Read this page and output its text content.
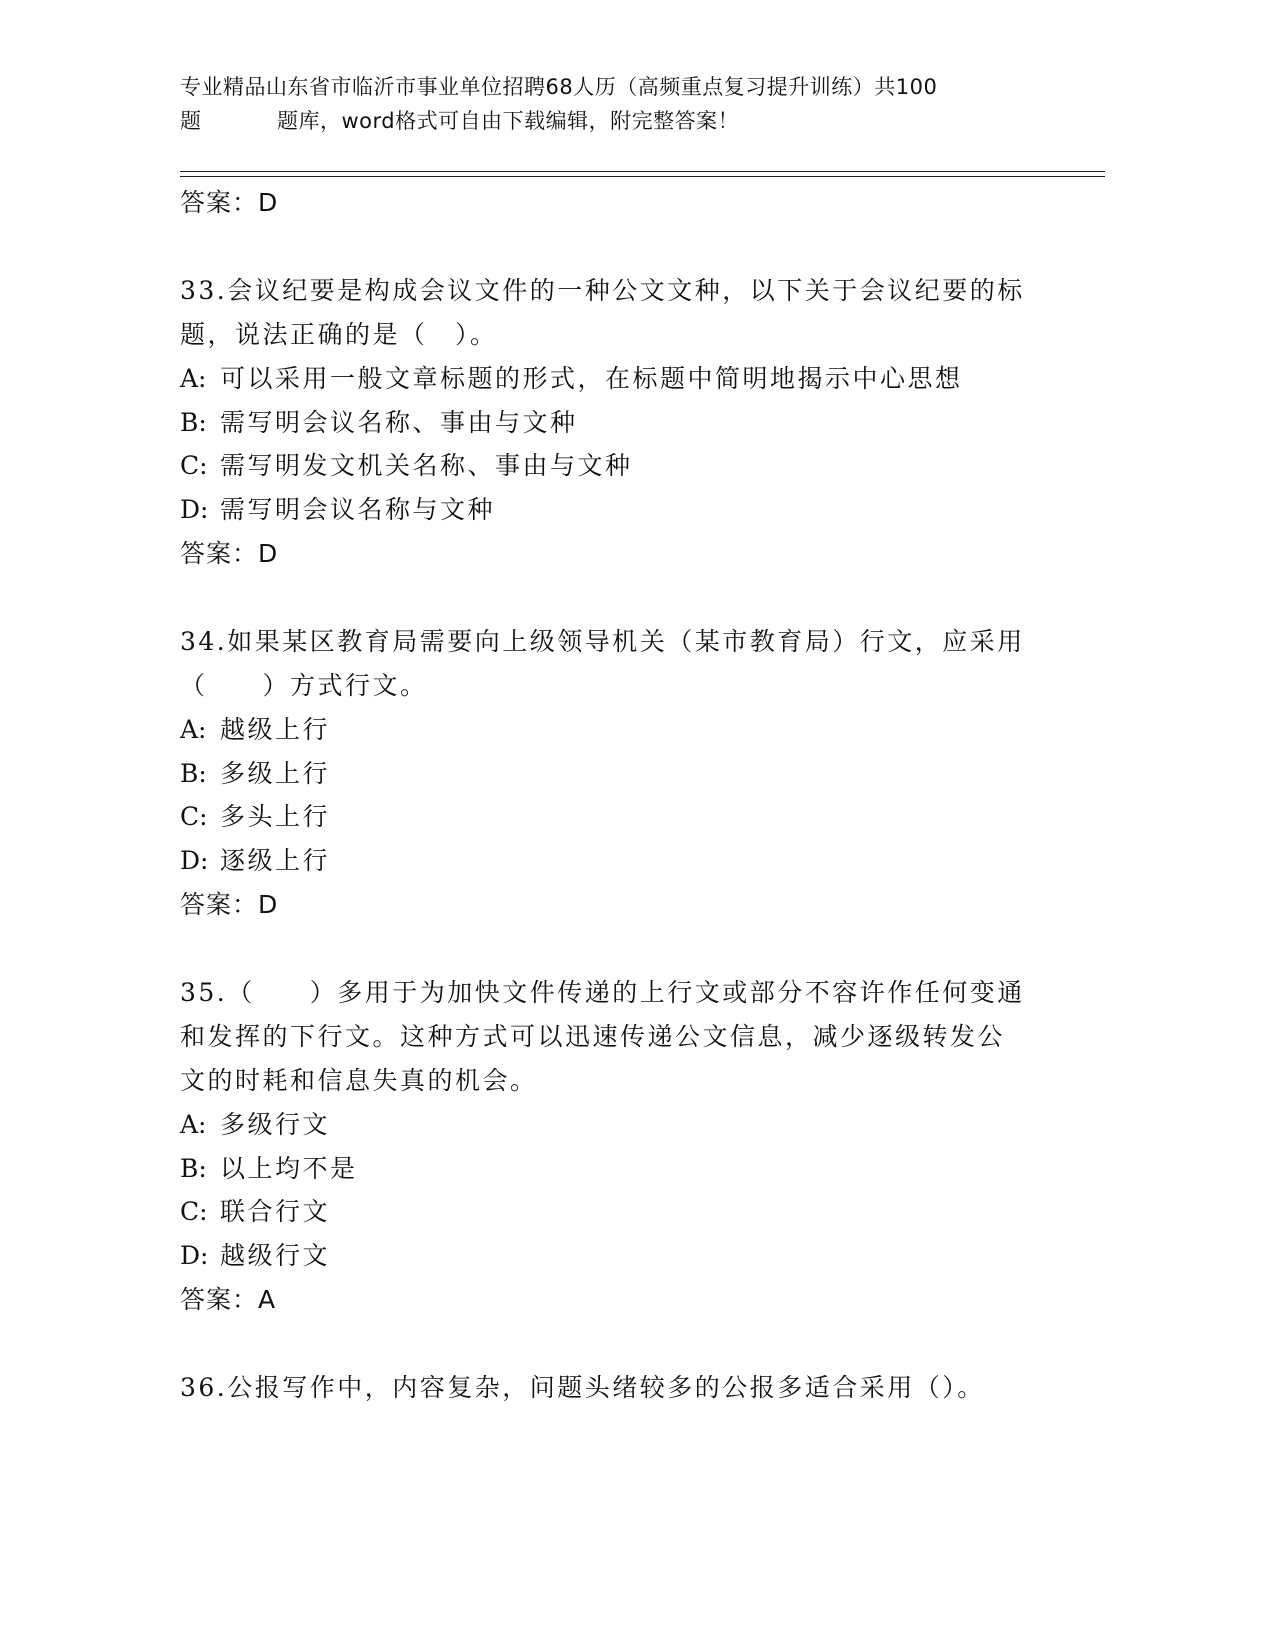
专业精品山东省市临沂市事业单位招聘68人历（高频重点复习提升训练）共100
题	题库，word格式可自由下载编辑，附完整答案！
答案：D
33.会议纪要是构成会议文件的一种公文文种，以下关于会议纪要的标
题，说法正确的是（　）。
A: 可以采用一般文章标题的形式，在标题中简明地揭示中心思想
B: 需写明会议名称、事由与文种
C: 需写明发文机关名称、事由与文种
D: 需写明会议名称与文种
答案：D
34.如果某区教育局需要向上级领导机关（某市教育局）行文，应采用
（　　）方式行文。
A: 越级上行
B: 多级上行
C: 多头上行
D: 逐级上行
答案：D
35.（　　）多用于为加快文件传递的上行文或部分不容许作任何变通
和发挥的下行文。这种方式可以迅速传递公文信息，减少逐级转发公
文的时耗和信息失真的机会。
A: 多级行文
B: 以上均不是
C: 联合行文
D: 越级行文
答案：A
36.公报写作中，内容复杂，问题头绪较多的公报多适合采用（）。
